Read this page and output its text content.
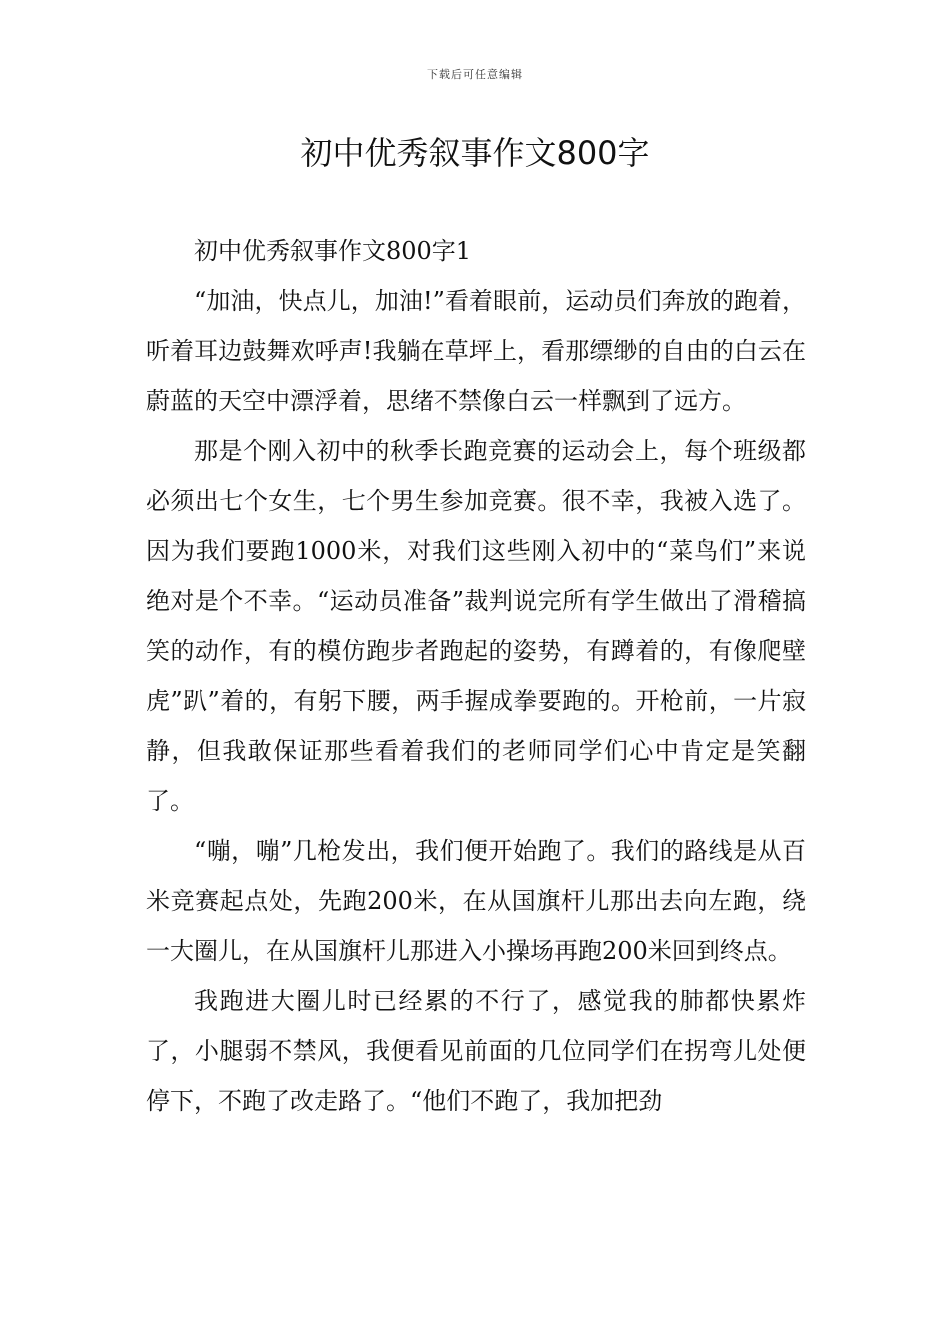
下载后可任意编辑
初中优秀叙事作文800字

初中优秀叙事作文800字1

“加油，快点儿，加油!”看着眼前，运动员们奔放的跑着，听着耳边鼓舞欢呼声!我躺在草坪上，看那缥缈的自由的白云在蔚蓝的天空中漂浮着，思绪不禁像白云一样飘到了远方。

那是个刚入初中的秋季长跑竞赛的运动会上，每个班级都必须出七个女生，七个男生参加竞赛。很不幸，我被入选了。因为我们要跑1000米，对我们这些刚入初中的“菜鸟们”来说绝对是个不幸。“运动员准备”裁判说完所有学生做出了滑稽搞笑的动作，有的模仿跑步者跑起的姿势，有蹲着的，有像爬壁虎”趴”着的，有躬下腰，两手握成拳要跑的。开枪前，一片寂静，但我敢保证那些看着我们的老师同学们心中肯定是笑翻了。

“嘣，嘣”几枪发出，我们便开始跑了。我们的路线是从百米竞赛起点处，先跑200米，在从国旗杆儿那出去向左跑，绕一大圈儿，在从国旗杆儿那进入小操场再跑200米回到终点。

我跑进大圈儿时已经累的不行了，感觉我的肺都快累炸了，小腿弱不禁风，我便看见前面的几位同学们在拐弯儿处便停下，不跑了改走路了。“他们不跑了，我加把劲
